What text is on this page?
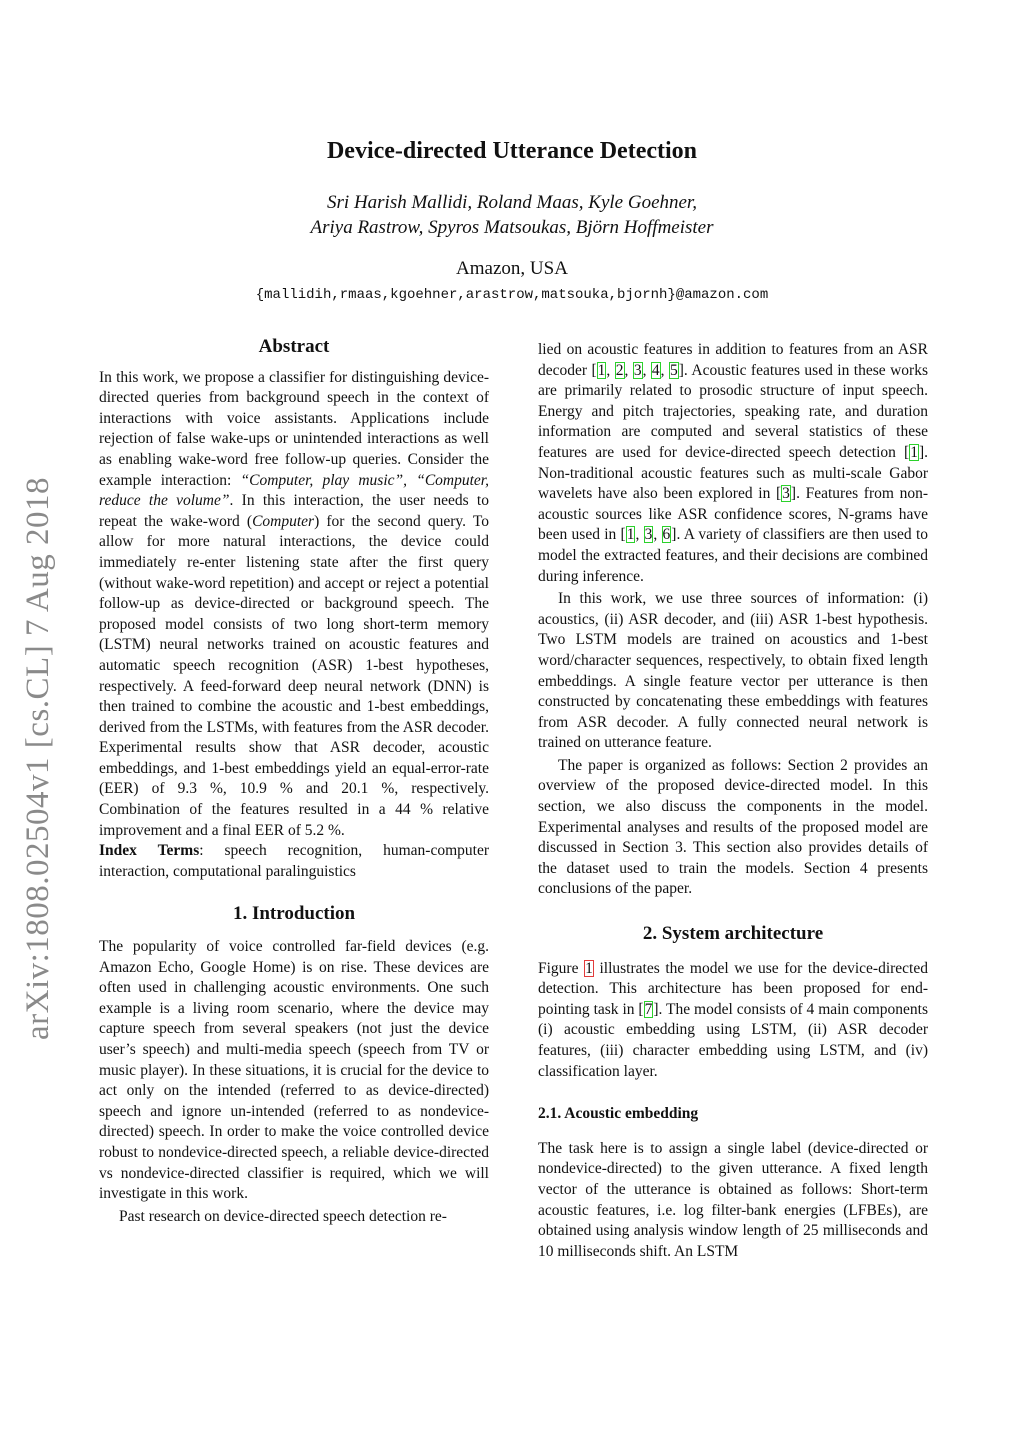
arXiv:1808.02504v1 [cs.CL] 7 Aug 2018
Device-directed Utterance Detection
Sri Harish Mallidi, Roland Maas, Kyle Goehner,
Ariya Rastrow, Spyros Matsoukas, Björn Hoffmeister
Amazon, USA
{mallidih,rmaas,kgoehner,arastrow,matsouka,bjornh}@amazon.com
Abstract

In this work, we propose a classifier for distinguishing device-directed queries from background speech in the context of interactions with voice assistants. Applications include rejection of false wake-ups or unintended interactions as well as enabling wake-word free follow-up queries. Consider the example interaction: “Computer, play music”, “Computer, reduce the volume”. In this interaction, the user needs to repeat the wake-word (Computer) for the second query. To allow for more natural interactions, the device could immediately re-enter listening state after the first query (without wake-word repetition) and accept or reject a potential follow-up as device-directed or background speech. The proposed model consists of two long short-term memory (LSTM) neural networks trained on acoustic features and automatic speech recognition (ASR) 1-best hypotheses, respectively. A feed-forward deep neural network (DNN) is then trained to combine the acoustic and 1-best embeddings, derived from the LSTMs, with features from the ASR decoder. Experimental results show that ASR decoder, acoustic embeddings, and 1-best embeddings yield an equal-error-rate (EER) of 9.3 %, 10.9 % and 20.1 %, respectively. Combination of the features resulted in a 44 % relative improvement and a final EER of 5.2 %.

Index Terms: speech recognition, human-computer interaction, computational paralinguistics

1. Introduction

The popularity of voice controlled far-field devices (e.g. Amazon Echo, Google Home) is on rise. These devices are often used in challenging acoustic environments. One such example is a living room scenario, where the device may capture speech from several speakers (not just the device user’s speech) and multi-media speech (speech from TV or music player). In these situations, it is crucial for the device to act only on the intended (referred to as device-directed) speech and ignore un-intended (referred to as nondevice-directed) speech. In order to make the voice controlled device robust to nondevice-directed speech, a reliable device-directed vs nondevice-directed classifier is required, which we will investigate in this work.

Past research on device-directed speech detection re-

lied on acoustic features in addition to features from an ASR decoder [1, 2, 3, 4, 5]. Acoustic features used in these works are primarily related to prosodic structure of input speech. Energy and pitch trajectories, speaking rate, and duration information are computed and several statistics of these features are used for device-directed speech detection [1]. Non-traditional acoustic features such as multi-scale Gabor wavelets have also been explored in [3]. Features from non-acoustic sources like ASR confidence scores, N-grams have been used in [1, 3, 6]. A variety of classifiers are then used to model the extracted features, and their decisions are combined during inference.

In this work, we use three sources of information: (i) acoustics, (ii) ASR decoder, and (iii) ASR 1-best hypothesis. Two LSTM models are trained on acoustics and 1-best word/character sequences, respectively, to obtain fixed length embeddings. A single feature vector per utterance is then constructed by concatenating these embeddings with features from ASR decoder. A fully connected neural network is trained on utterance feature.

The paper is organized as follows: Section 2 provides an overview of the proposed device-directed model. In this section, we also discuss the components in the model. Experimental analyses and results of the proposed model are discussed in Section 3. This section also provides details of the dataset used to train the models. Section 4 presents conclusions of the paper.

2. System architecture

Figure 1 illustrates the model we use for the device-directed detection. This architecture has been proposed for end-pointing task in [7]. The model consists of 4 main components (i) acoustic embedding using LSTM, (ii) ASR decoder features, (iii) character embedding using LSTM, and (iv) classification layer.

2.1. Acoustic embedding

The task here is to assign a single label (device-directed or nondevice-directed) to the given utterance. A fixed length vector of the utterance is obtained as follows: Short-term acoustic features, i.e. log filter-bank energies (LFBEs), are obtained using analysis window length of 25 milliseconds and 10 milliseconds shift. An LSTM
